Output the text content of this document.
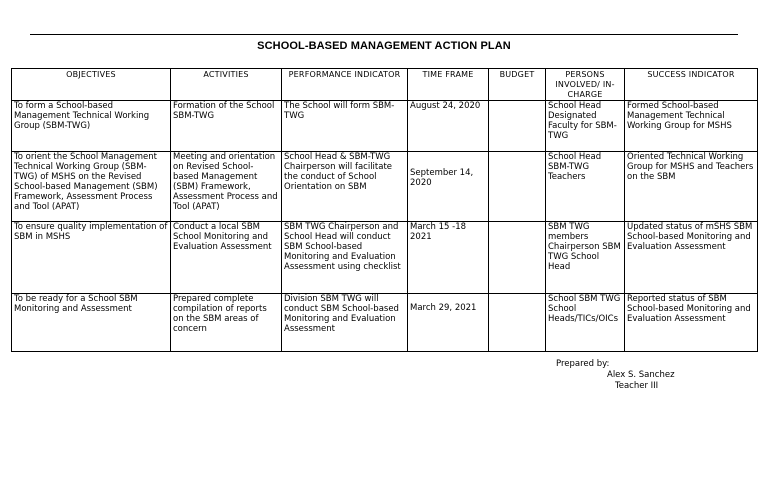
SCHOOL-BASED MANAGEMENT ACTION PLAN
OBJECTIVES	ACTIVITIES	PERFORMANCE INDICATOR	TIME FRAME	BUDGET	PERSONS INVOLVED/ IN-CHARGE	SUCCESS INDICATOR
To form a School-based Management Technical Working Group (SBM-TWG)	Formation of the School SBM-TWG	The School will form SBM-TWG	August 24, 2020		School Head Designated Faculty for SBM-TWG	Formed School-based Management Technical Working Group for MSHS
To orient the School Management Technical Working Group (SBM-TWG) of MSHS on the Revised School-based Management (SBM) Framework, Assessment Process and Tool (APAT)	Meeting and orientation on Revised School-based Management (SBM) Framework, Assessment Process and Tool (APAT)	School Head & SBM-TWG Chairperson will facilitate the conduct of School Orientation on SBM	September 14, 2020		School Head SBM-TWG Teachers	Oriented Technical Working Group for MSHS and Teachers on the SBM
To ensure quality implementation of SBM in MSHS	Conduct a local SBM School Monitoring and Evaluation Assessment	SBM TWG Chairperson and School Head will conduct SBM School-based Monitoring and Evaluation Assessment using checklist	March 15 -18 2021		SBM TWG members Chairperson SBM TWG School Head	Updated status of mSHS SBM School-based Monitoring and Evaluation Assessment
To be ready for a School SBM Monitoring and Assessment	Prepared complete compilation of reports on the SBM areas of concern	Division SBM TWG will conduct SBM School-based Monitoring and Evaluation Assessment	March 29, 2021		School SBM TWG School Heads/TICs/OICs	Reported status of SBM School-based Monitoring and Evaluation Assessment
Prepared by:
Alex S. Sanchez
Teacher III
